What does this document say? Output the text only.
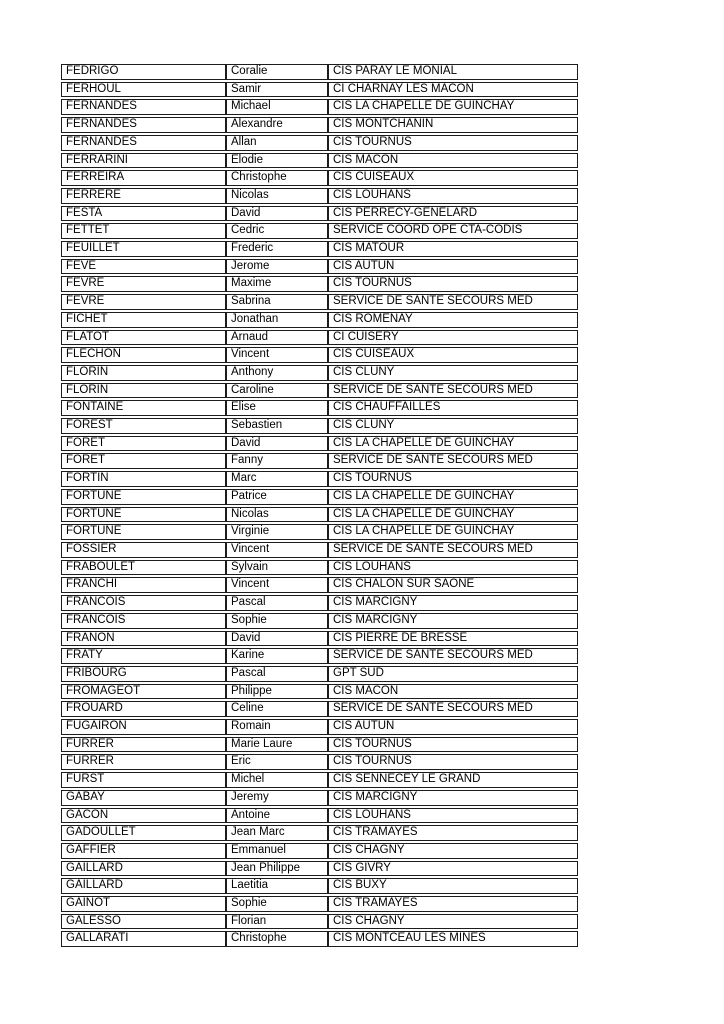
FEDRIGO	Coralie	CIS PARAY LE MONIAL
FERHOUL	Samir	CI CHARNAY LES MACON
FERNANDES	Michael	CIS LA CHAPELLE DE GUINCHAY
FERNANDES	Alexandre	CIS MONTCHANIN
FERNANDES	Allan	CIS TOURNUS
FERRARINI	Elodie	CIS MACON
FERREIRA	Christophe	CIS CUISEAUX
FERRERE	Nicolas	CIS LOUHANS
FESTA	David	CIS PERRECY-GENELARD
FETTET	Cedric	SERVICE COORD OPE CTA-CODIS
FEUILLET	Frederic	CIS MATOUR
FEVE	Jerome	CIS AUTUN
FEVRE	Maxime	CIS TOURNUS
FEVRE	Sabrina	SERVICE DE SANTE SECOURS MED
FICHET	Jonathan	CIS ROMENAY
FLATOT	Arnaud	CI CUISERY
FLECHON	Vincent	CIS CUISEAUX
FLORIN	Anthony	CIS CLUNY
FLORIN	Caroline	SERVICE DE SANTE SECOURS MED
FONTAINE	Elise	CIS CHAUFFAILLES
FOREST	Sebastien	CIS CLUNY
FORET	David	CIS LA CHAPELLE DE GUINCHAY
FORET	Fanny	SERVICE DE SANTE SECOURS MED
FORTIN	Marc	CIS TOURNUS
FORTUNE	Patrice	CIS LA CHAPELLE DE GUINCHAY
FORTUNE	Nicolas	CIS LA CHAPELLE DE GUINCHAY
FORTUNE	Virginie	CIS LA CHAPELLE DE GUINCHAY
FOSSIER	Vincent	SERVICE DE SANTE SECOURS MED
FRABOULET	Sylvain	CIS LOUHANS
FRANCHI	Vincent	CIS CHALON SUR SAONE
FRANCOIS	Pascal	CIS MARCIGNY
FRANCOIS	Sophie	CIS MARCIGNY
FRANON	David	CIS PIERRE DE BRESSE
FRATY	Karine	SERVICE DE SANTE SECOURS MED
FRIBOURG	Pascal	GPT SUD
FROMAGEOT	Philippe	CIS MACON
FROUARD	Celine	SERVICE DE SANTE SECOURS MED
FUGAIRON	Romain	CIS AUTUN
FURRER	Marie Laure	CIS TOURNUS
FURRER	Eric	CIS TOURNUS
FURST	Michel	CIS SENNECEY LE GRAND
GABAY	Jeremy	CIS MARCIGNY
GACON	Antoine	CIS LOUHANS
GADOULLET	Jean Marc	CIS TRAMAYES
GAFFIER	Emmanuel	CIS CHAGNY
GAILLARD	Jean Philippe	CIS GIVRY
GAILLARD	Laetitia	CIS BUXY
GAINOT	Sophie	CIS TRAMAYES
GALESSO	Florian	CIS CHAGNY
GALLARATI	Christophe	CIS MONTCEAU LES MINES
